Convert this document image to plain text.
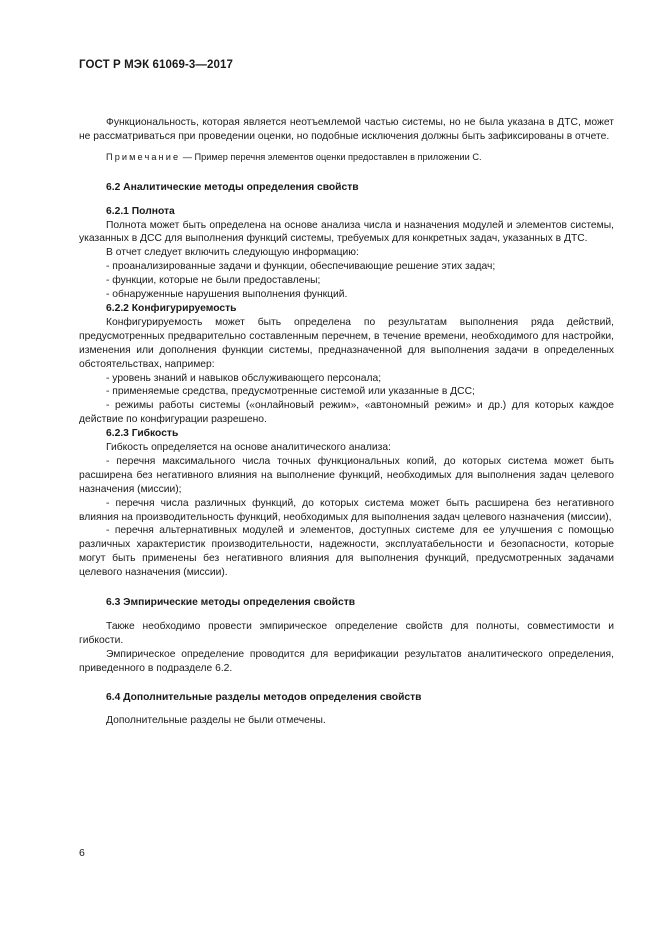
ГОСТ Р МЭК 61069-3—2017

Функциональность, которая является неотъемлемой частью системы, но не была указана в ДТС, может не рассматриваться при проведении оценки, но подобные исключения должны быть зафиксированы в отчете.

Примечание — Пример перечня элементов оценки предоставлен в приложении С.

6.2 Аналитические методы определения свойств
6.2.1 Полнота

Полнота может быть определена на основе анализа числа и назначения модулей и элементов системы, указанных в ДСС для выполнения функций системы, требуемых для конкретных задач, указанных в ДТС.

В отчет следует включить следующую информацию:

- проанализированные задачи и функции, обеспечивающие решение этих задач;
- функции, которые не были предоставлены;
- обнаруженные нарушения выполнения функций.
6.2.2 Конфигурируемость

Конфигурируемость может быть определена по результатам выполнения ряда действий, предусмотренных предварительно составленным перечнем, в течение времени, необходимого для настройки, изменения или дополнения функции системы, предназначенной для выполнения задачи в определенных обстоятельствах, например:

- уровень знаний и навыков обслуживающего персонала;
- применяемые средства, предусмотренные системой или указанные в ДСС;
- режимы работы системы («онлайновый режим», «автономный режим» и др.) для которых каждое действие по конфигурации разрешено.
6.2.3 Гибкость

Гибкость определяется на основе аналитического анализа:

- перечня максимального числа точных функциональных копий, до которых система может быть расширена без негативного влияния на выполнение функций, необходимых для выполнения задач целевого назначения (миссии);
- перечня числа различных функций, до которых система может быть расширена без негативного влияния на производительность функций, необходимых для выполнения задач целевого назначения (миссии),
- перечня альтернативных модулей и элементов, доступных системе для ее улучшения с помощью различных характеристик производительности, надежности, эксплуатабельности и безопасности, которые могут быть применены без негативного влияния для выполнения функций, предусмотренных задачами целевого назначения (миссии).
6.3 Эмпирические методы определения свойств

Также необходимо провести эмпирическое определение свойств для полноты, совместимости и гибкости.

Эмпирическое определение проводится для верификации результатов аналитического определения, приведенного в подразделе 6.2.

6.4 Дополнительные разделы методов определения свойств

Дополнительные разделы не были отмечены.

6
